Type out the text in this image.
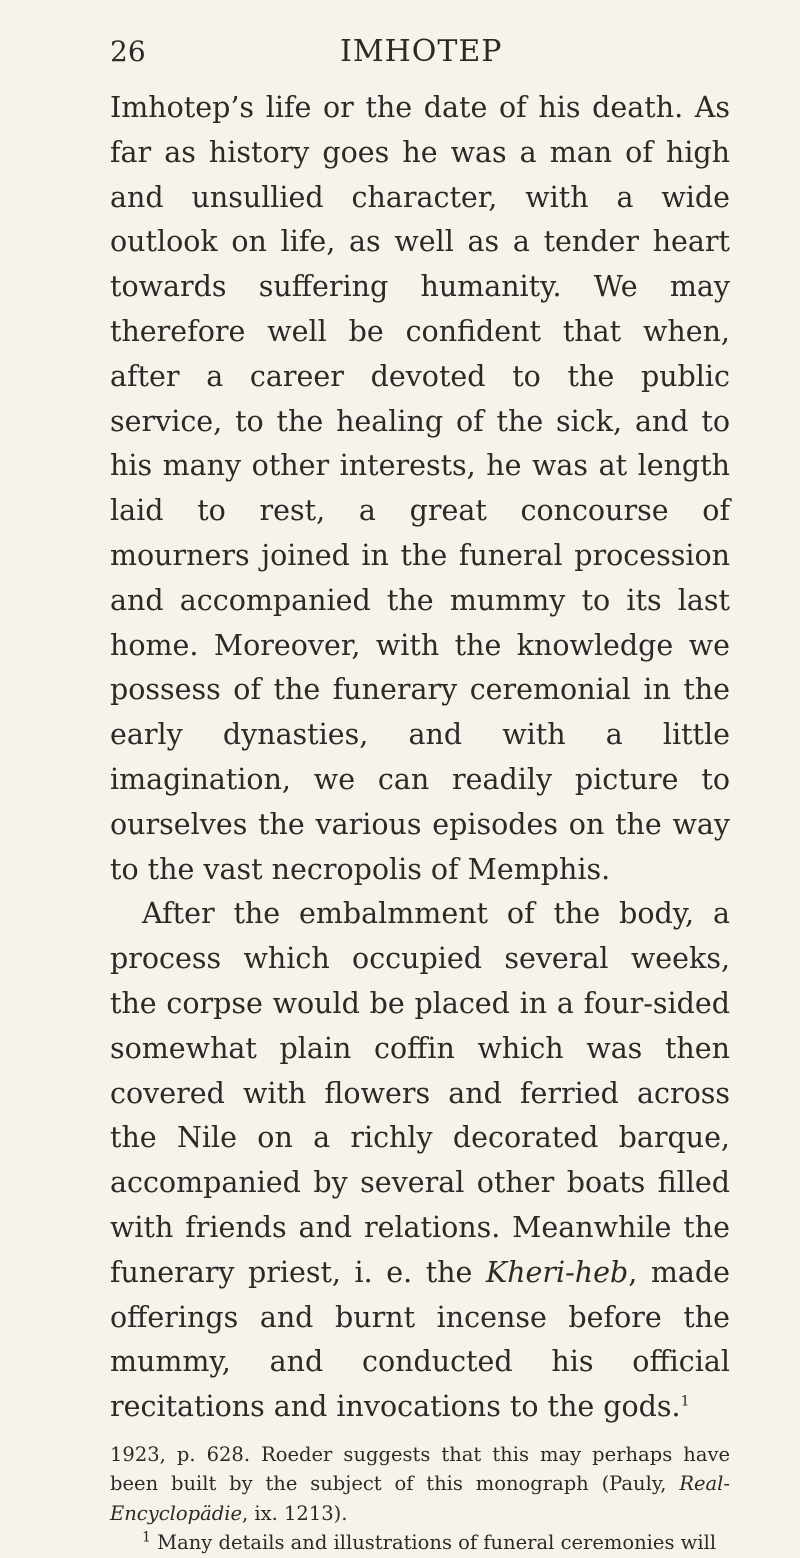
26	IMHOTEP

Imhotep’s life or the date of his death. As far as history goes he was a man of high and unsullied character, with a wide outlook on life, as well as a tender heart towards suffering humanity. We may therefore well be confident that when, after a career devoted to the public service, to the healing of the sick, and to his many other interests, he was at length laid to rest, a great concourse of mourners joined in the funeral procession and accompanied the mummy to its last home. Moreover, with the knowledge we possess of the funerary ceremonial in the early dynasties, and with a little imagination, we can readily picture to ourselves the various episodes on the way to the vast necropolis of Memphis.

After the embalmment of the body, a process which occupied several weeks, the corpse would be placed in a four-sided somewhat plain coffin which was then covered with flowers and ferried across the Nile on a richly decorated barque, accompanied by several other boats filled with friends and relations. Meanwhile the funerary priest, i. e. the Kheri-heb, made offerings and burnt incense before the mummy, and conducted his official recitations and invocations to the gods.$^1$

1923, p. 628. Roeder suggests that this may perhaps have been built by the subject of this monograph (Pauly, Real-Encyclopädie, ix. 1213).

$^1$ Many details and illustrations of funeral ceremonies will
